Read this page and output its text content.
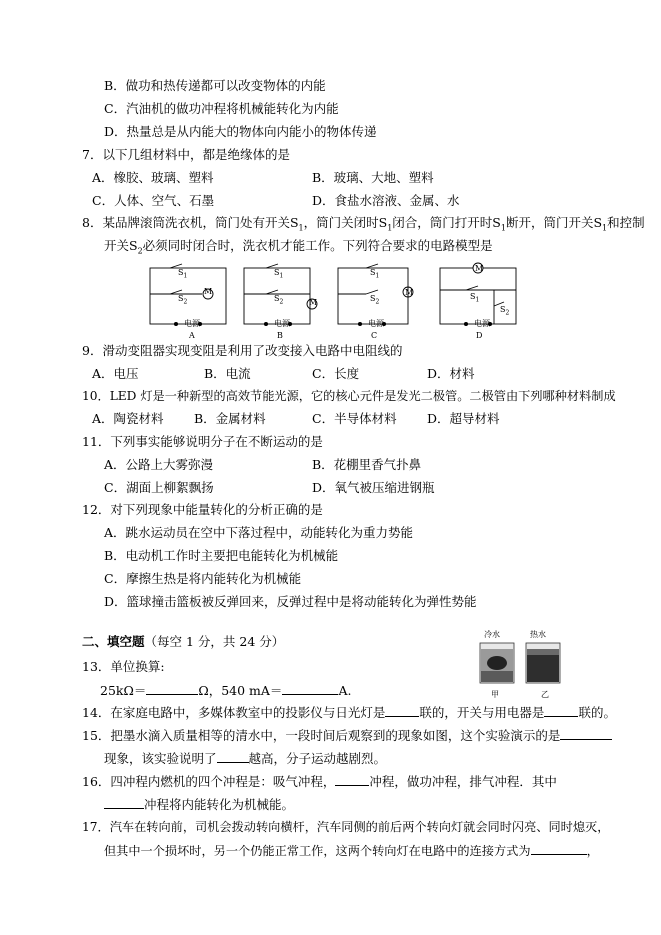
B．做功和热传递都可以改变物体的内能
C．汽油机的做功冲程将机械能转化为内能
D．热量总是从内能大的物体向内能小的物体传递
7．以下几组材料中，都是绝缘体的是
A．橡胶、玻璃、塑料	B．玻璃、大地、塑料
C．人体、空气、石墨	D．食盐水溶液、金属、水
8．某品牌滚筒洗衣机，筒门处有开关$S_1$，筒门关闭时$S_1$闭合，筒门打开时$S_1$断开，筒门开关$S_1$和控制
开关$S_2$必须同时闭合时，洗衣机才能工作。下列符合要求的电路模型是
M
M
M
M
$S_1$
$S_2$
$S_1$
$S_2$
$S_1$
$S_2$
$S_1$
$S_2$
电源	电源	电源	电源
A	B	C	D
9．滑动变阻器实现变阻是利用了改变接入电路中电阻线的
A．电压	B．电流	C．长度	D．材料
10．LED 灯是一种新型的高效节能光源，它的核心元件是发光二极管。二极管由下列哪种材料制成
A．陶瓷材料 B．金属材料	C．半导体材料 D．超导材料
11．下列事实能够说明分子在不断运动的是
A．公路上大雾弥漫	B．花棚里香气扑鼻
C．湖面上柳絮飘扬	D．氧气被压缩进钢瓶
12．对下列现象中能量转化的分析正确的是
A．跳水运动员在空中下落过程中，动能转化为重力势能
B．电动机工作时主要把电能转化为机械能
C．摩擦生热是将内能转化为机械能
D．篮球撞击篮板被反弹回来，反弹过程中是将动能转化为弹性势能
二、填空题（每空 1 分，共 24 分）
13．单位换算:
25kΩ＝	Ω，540 mA＝	A.
冷水	热水
甲	乙
14．在家庭电路中，多媒体教室中的投影仪与日光灯是	联的，开关与用电器是	联的。
15．把墨水滴入质量相等的清水中，一段时间后观察到的现象如图，这个实验演示的是
现象，该实验说明了	越高，分子运动越剧烈。
16．四冲程内燃机的四个冲程是：吸气冲程，	冲程，做功冲程，排气冲程．其中
冲程将内能转化为机械能。
17．汽车在转向前，司机会拨动转向横杆，汽车同侧的前后两个转向灯就会同时闪亮、同时熄灭，
但其中一个损坏时，另一个仍能正常工作，这两个转向灯在电路中的连接方式为	，
